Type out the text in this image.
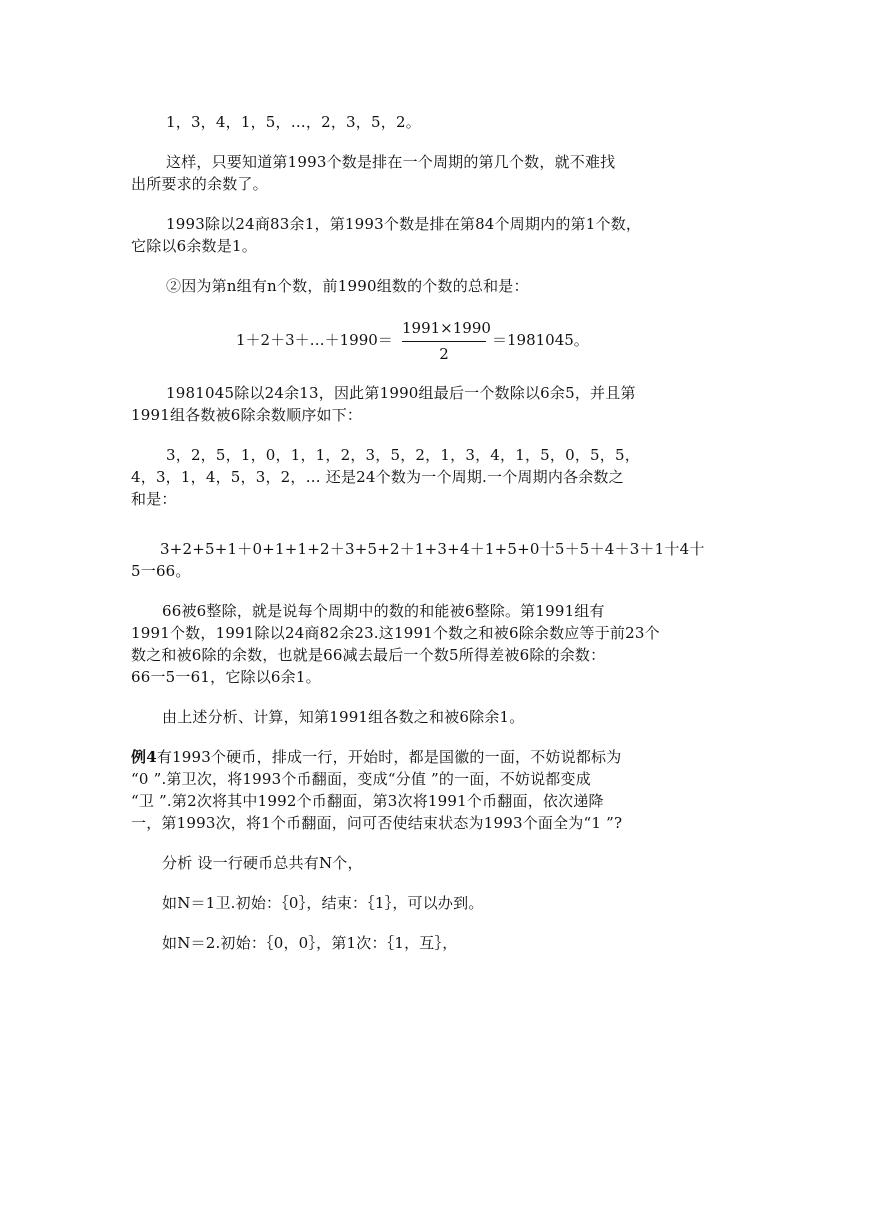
1，3，4，1，5，…，2，3，5，2。
这样，只要知道第1993个数是排在一个周期的第几个数，就不难找
出所要求的余数了。
1993除以24商83余1，第1993个数是排在第84个周期内的第1个数，
它除以6余数是1。
②因为第n组有n个数，前1990组数的个数的总和是：
1＋2＋3＋…＋1990＝
1991×1990
2
＝1981045。
1981045除以24余13，因此第1990组最后一个数除以6余5，并且第
1991组各数被6除余数顺序如下：
3，2，5，1，0，1，1，2，3，5，2，1，3，4，1，5，0，5，5，
4，3，1，4，5，3，2，… 还是24个数为一个周期.一个周期内各余数之
和是：
3+2+5+1＋0+1+1+2＋3+5+2＋1+3+4＋1+5+0十5＋5＋4＋3＋1十4十
5一66。
66被6整除，就是说每个周期中的数的和能被6整除。第1991组有
1991个数，1991除以24商82余23.这1991个数之和被6除余数应等于前23个
数之和被6除的余数，也就是66减去最后一个数5所得差被6除的余数：
66一5一61，它除以6余1。
由上述分析、计算，知第1991组各数之和被6除余1。
例4有1993个硬币，排成一行，开始时，都是国徽的一面，不妨说都标为
“0 ”.第卫次，将1993个币翻面，变成“分值 ”的一面，不妨说都变成
“卫 ”.第2次将其中1992个币翻面，第3次将1991个币翻面，依次递降
一，第1993次，将1个币翻面，问可否使结束状态为1993个面全为“1 ”?
分析 设一行硬币总共有N个，
如N＝1卫.初始：｛0｝，结束：｛1｝，可以办到。
如N＝2.初始：｛0，0｝，第1次：｛1，互｝，
